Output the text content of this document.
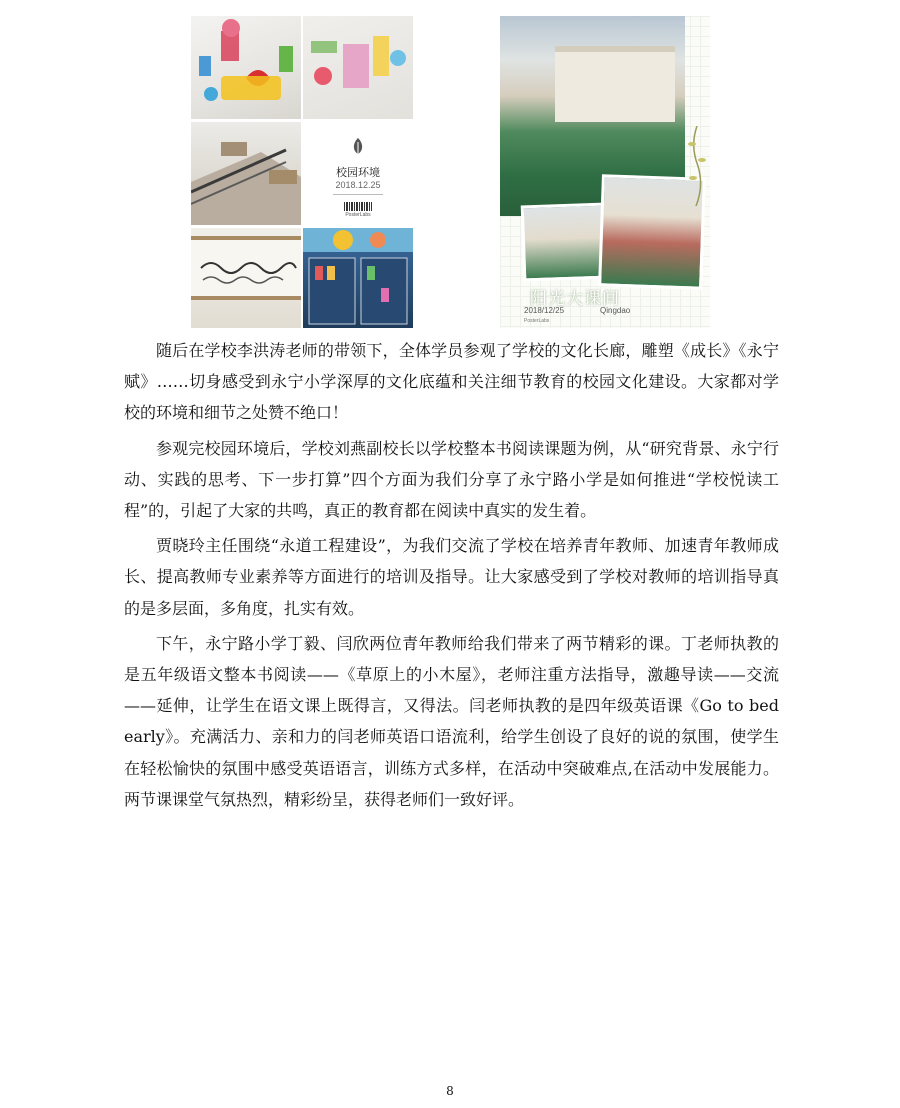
校园环境
2018.12.25
PosterLabs
阳光大课间
2018/12/25	Qingdao
PosterLabs

随后在学校李洪涛老师的带领下，全体学员参观了学校的文化长廊，雕塑《成长》《永宁赋》……切身感受到永宁小学深厚的文化底蕴和关注细节教育的校园文化建设。大家都对学校的环境和细节之处赞不绝口！

参观完校园环境后，学校刘燕副校长以学校整本书阅读课题为例，从“研究背景、永宁行动、实践的思考、下一步打算”四个方面为我们分享了永宁路小学是如何推进“学校悦读工程”的，引起了大家的共鸣，真正的教育都在阅读中真实的发生着。

贾晓玲主任围绕“永道工程建设”，为我们交流了学校在培养青年教师、加速青年教师成长、提高教师专业素养等方面进行的培训及指导。让大家感受到了学校对教师的培训指导真的是多层面，多角度，扎实有效。

下午，永宁路小学丁毅、闫欣两位青年教师给我们带来了两节精彩的课。丁老师执教的是五年级语文整本书阅读——《草原上的小木屋》，老师注重方法指导，激趣导读——交流——延伸，让学生在语文课上既得言，又得法。闫老师执教的是四年级英语课《Go to bed early》。充满活力、亲和力的闫老师英语口语流利，给学生创设了良好的说的氛围，使学生在轻松愉快的氛围中感受英语语言，训练方式多样，在活动中突破难点,在活动中发展能力。两节课课堂气氛热烈，精彩纷呈，获得老师们一致好评。

8
